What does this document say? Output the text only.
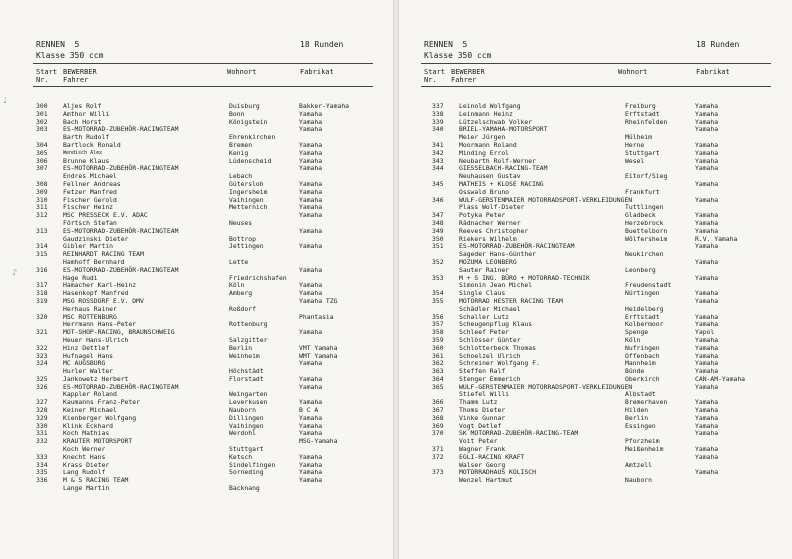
RENNEN 5	18 Runden
Klasse 350 ccm
Start
Nr.
BEWERBER
Fahrer
Wohnort	Fabrikat
300 Aljes Rolf	Duisburg	Bakker-Yamaha
301 Amthor Willi	Bonn	Yamaha
302 Bach Horst	Königstein	Yamaha
303 ES-MOTORRAD-ZUBEHÖR-RACINGTEAM	Yamaha
Barth Rudolf	Ehrenkirchen
304 Bartlock Ronald	Bremen	Yamaha
305	Wendisch Alex	Kenig	Yamaha
306 Brunne Klaus	Lüdenscheid	Yamaha
307 ES-MOTORRAD-ZUBEHÖR-RACINGTEAM	Yamaha
Endres Michael	Lebach
308 Fellner Andreas	Gütersloh	Yamaha
309 Fetzer Manfred	Ingersheim	Yamaha
310 Fischer Gerold	Vaihingen	Yamaha
311 Fischer Heinz	Metternich	Yamaha
312 MSC PRESSECK E.V. ADAC	Yamaha
Förtsch Stefan	Neuses
313 ES-MOTORRAD-ZUBEHÖR-RACINGTEAM	Yamaha
Gaudzinski Dieter	Bottrop
314 Gibler Martin	Jettingen	Yamaha
315 REINHARDT RACING TEAM
Hamhoff Bernhard	Lette
316 ES-MOTORRAD-ZUBEHÖR-RACINGTEAM	Yamaha
Hage Rudi	Friedrichshafen
317 Hamacher Karl-Heinz	Köln	Yamaha
318 Hasenkopf Manfred	Amberg	Yamaha
319 MSG ROSSDORF E.V. DMV	Yamaha TZG
Herhaus Rainer	Roßdorf
320 MSC ROTTENBURG	Phantasia
Herrmann Hans-Peter	Rottenburg
321 MOT-SHOP-RACING, BRAUNSCHWEIG	Yamaha
Heuer Hans-Ulrich	Salzgitter
322 Hinz Dettlef	Berlin	VMT Yamaha
323 Hufnagel Hans	Weinheim	WMT Yamaha
324 MC AUGSBURG	Yamaha
Hurler Walter	Höchstädt
325 Jankowetz Herbert	Florstadt	Yamaha
326 ES-MOTORRAD-ZUBEHÖR-RACINGTEAM	Yamaha
Kappler Roland	Weingarten
327 Kaumanns Franz-Peter	Leverkusen	Yamaha
328 Keiner Michael	Nauborn	B C A
329 Kienberger Wolfgang	Dillingen	Yamaha
330 Klink Eckhard	Vaihingen	Yamaha
331 Koch Mathias	Werdohl	Yamaha
332 KRAUTER MOTORSPORT	MSG-Yamaha
Koch Werner	Stuttgart
333 Knecht Hans	Ketsch	Yamaha
334 Krass Dieter	Sindelfingen	Yamaha
335 Lang Rudolf	Sorneding	Yamaha
336 M & S RACING TEAM	Yamaha
Lange Martin	Backnang
♩
♪
RENNEN 5	18 Runden
Klasse 350 ccm
Start
Nr.
BEWERBER
Fahrer
Wohnort	Fabrikat
337 Leinold Wolfgang	Freiburg	Yamaha
338 Leinmann Heinz	Erftstadt	Yamaha
339 Lützelschwab Volker	Rheinfelden	Yamaha
340 BRIEL-YAMAHA-MOTORSPORT	Yamaha
Meier Jürgen	Mülheim
341 Moormann Roland	Herne	Yamaha
342 Minding Errol	Stuttgart	Yamaha
343 Neubarth Rolf-Werner	Wesel	Yamaha
344 GIESSELBACH-RACING-TEAM	Yamaha
Neuhausen Gustav	Eitorf/Sieg
345 MATHEIS + KLOSE RACING	Yamaha
Osswald Bruno	Frankfurt
346 WULF-GERSTENMAIER MOTORRADSPORT-VERKLEIDUNGEN	Yamaha
Plass Wolf-Dieter	Tuttlingen
347 Potyka Peter	Gladbeck	Yamaha
348 Rädnacher Werner	Herzebrock	Yamaha
349 Reeves Christopher	Buettelborn	Yamaha
350 Riekers Wilhelm	Wölfersheim	R.V. Yamaha
351 ES-MOTORRAD-ZUBEHÖR-RACINGTEAM	Yamaha
Sageder Hans-Günther	Neukirchen
352 MOZUMA LEONBERG	Yamaha
Sauter Rainer	Leonberg
353 M + S ING. BÜRO + MOTORRAD-TECHNIK	Yamaha
Simonin Jean Michel	Freudenstadt
354 Single Claus	Nürtingen	Yamaha
355 MOTORRAD HESTER RACING TEAM	Yamaha
Schädler Michael	Heidelberg
356 Schaller Lutz	Erftstadt	Yamaha
357 Scheugenpflug Klaus	Kolbermoor	Yamaha
358 Schleef Peter	Spenge	Yapol
359 Schlösser Günter	Köln	Yamaha
360 Schlotterbeck Thomas	Nufringen	Yamaha
361 Schoelzel Ulrich	Offenbach	Yamaha
362 Schreiner Wolfgang F.	Mannheim	Yamaha
363 Steffen Ralf	Bünde	Yamaha
364 Stenger Emmerich	Oberkirch	CAN-AM-Yamaha
365 WULF-GERSTENMAIER MOTORRADSPORT-VERKLEIDUNGEN	Yamaha
Stiefel Willi	Albstadt
366 Thamm Lutz	Bremerhaven	Yamaha
367 Thoms Dieter	Hilden	Yamaha
368 Vinke Gunnar	Berlin	Yamaha
369 Vogt Detlef	Essingen	Yamaha
370 SK MOTORRAD-ZUBEHÖR-RACING-TEAM	Yamaha
Voit Peter	Pforzheim
371 Wagner Frank	Meißenheim	Yamaha
372 EGLI-RACING KRAFT	Yamaha
Walser Georg	Amtzell
373 MOTORRADHAUS KOLISCH	Yamaha
Wenzel Hartmut	Nauborn
